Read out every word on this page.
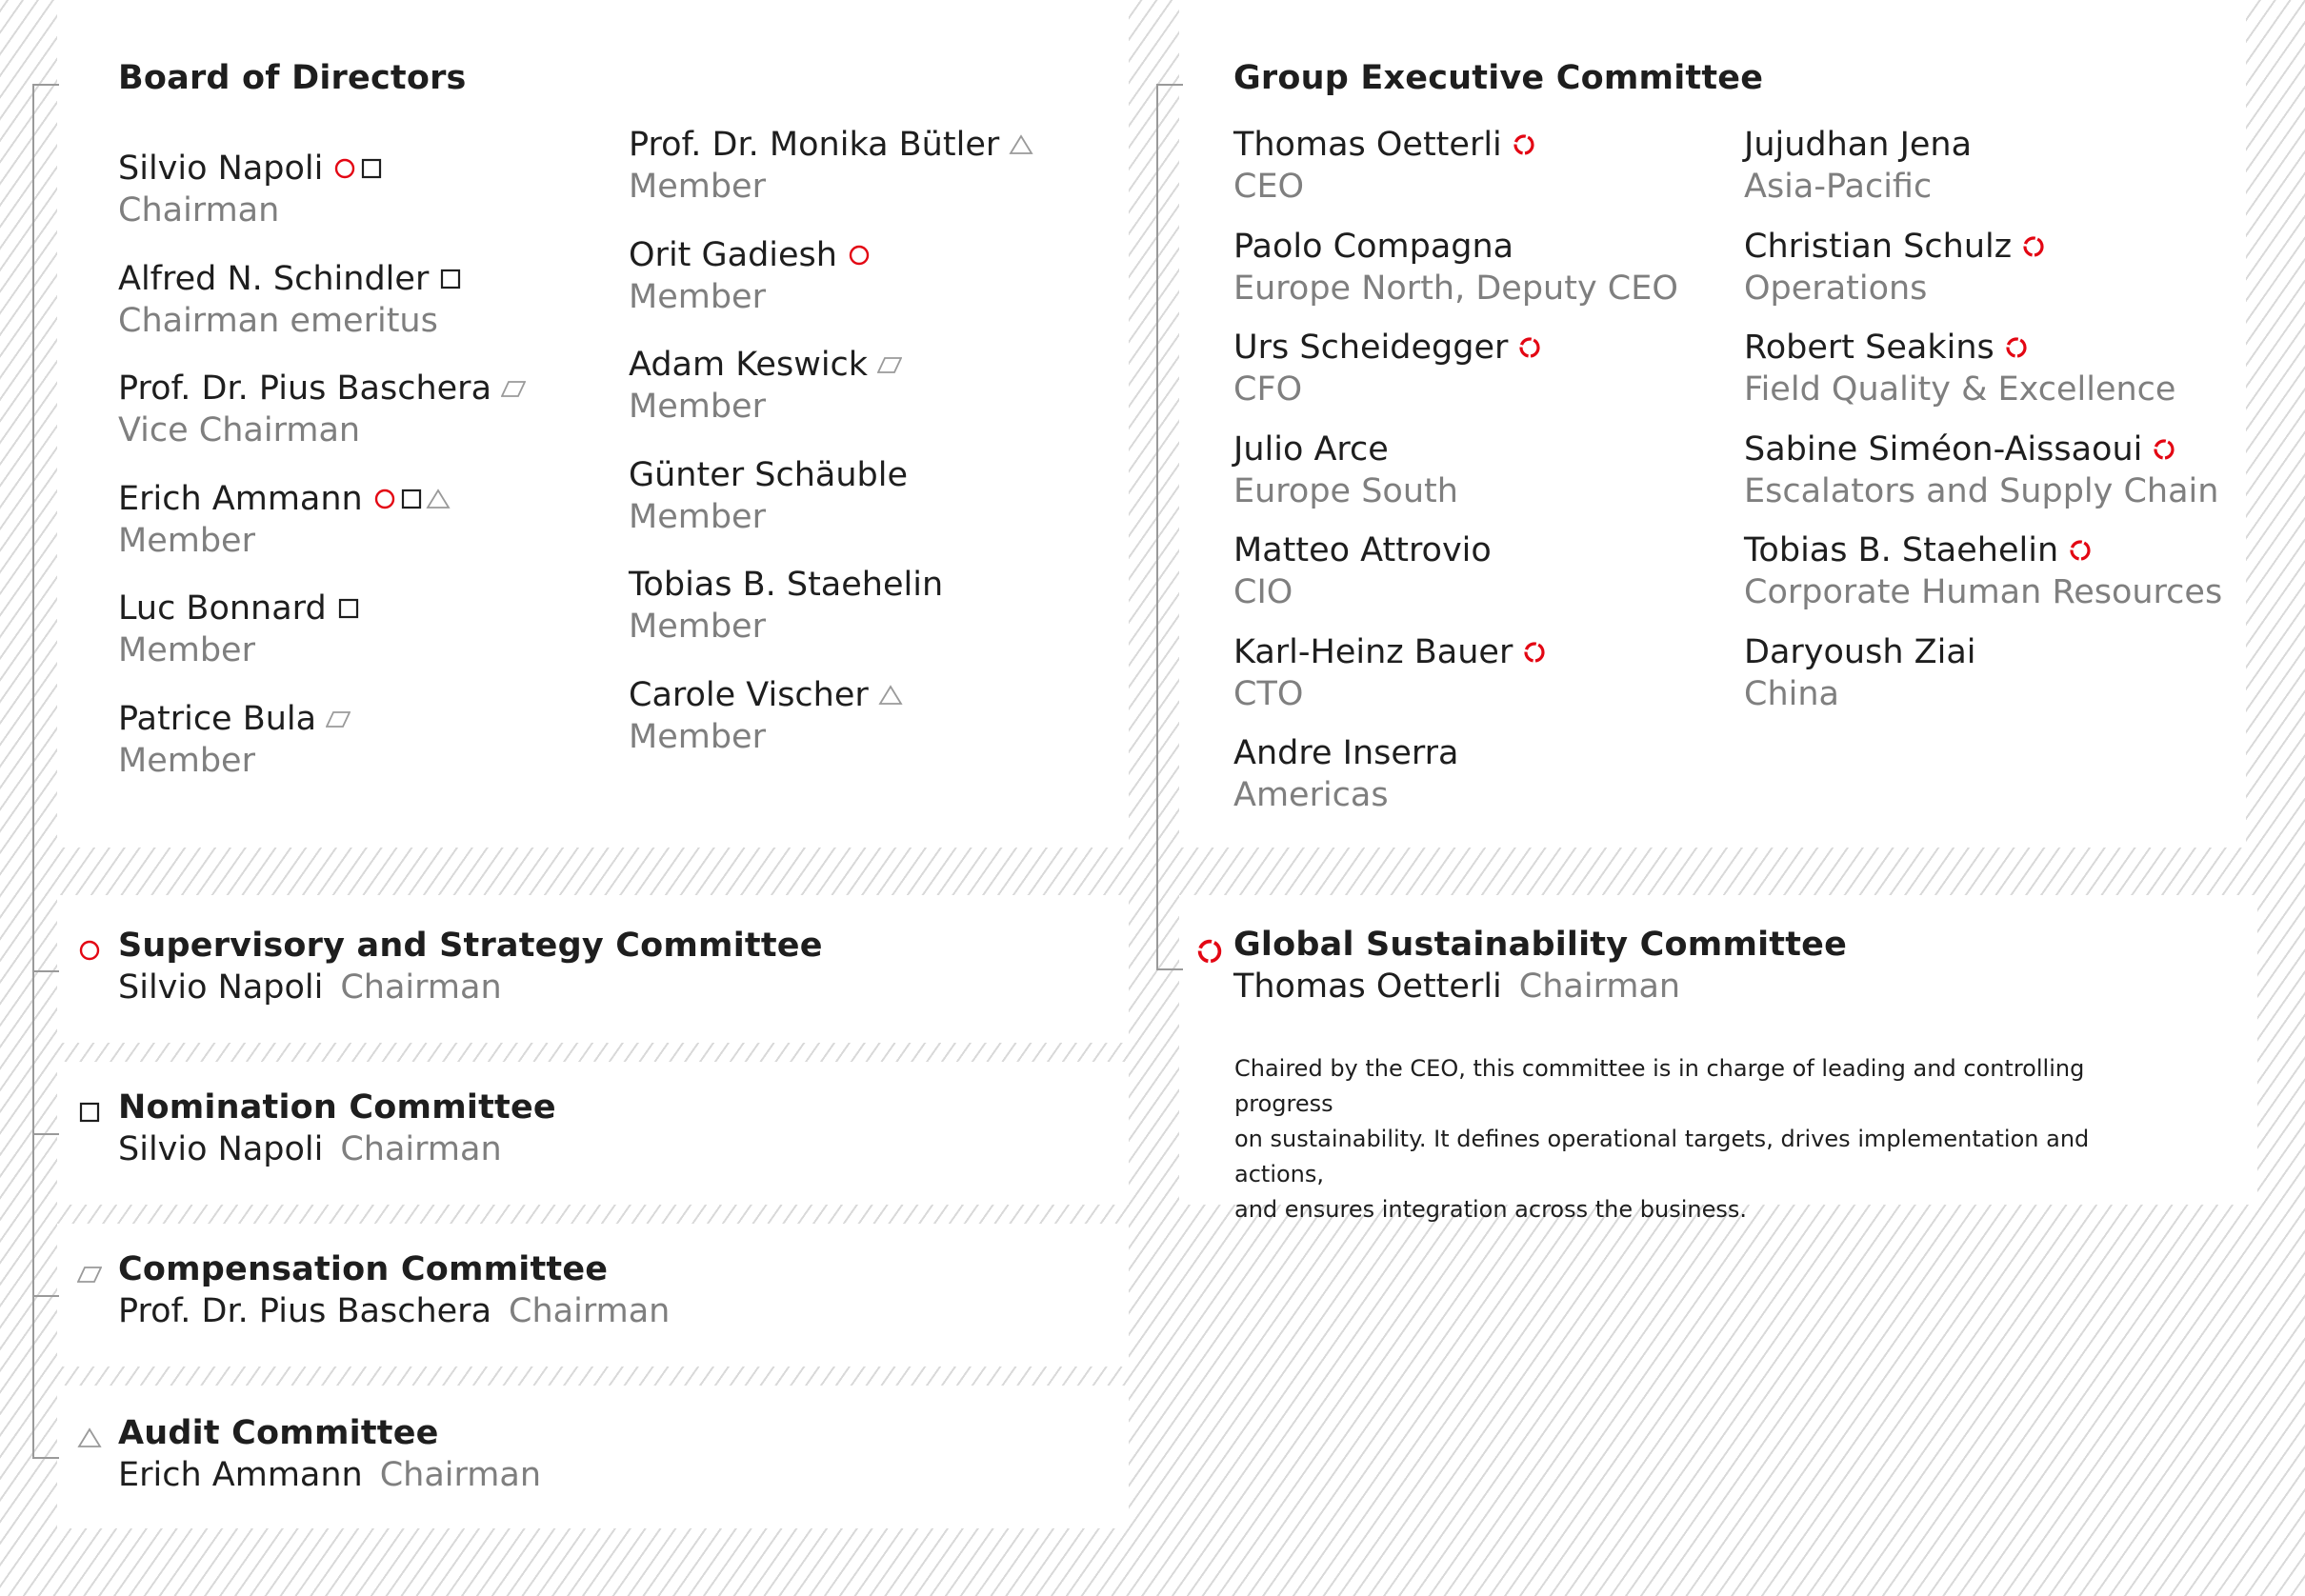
Board of Directors
Silvio Napoli
Chairman
Alfred N. Schindler
Chairman emeritus
Prof. Dr. Pius Baschera
Vice Chairman
Erich Ammann
Member
Luc Bonnard
Member
Patrice Bula
Member
Prof. Dr. Monika Bütler
Member
Orit Gadiesh
Member
Adam Keswick
Member
Günter Schäuble
Member
Tobias B. Staehelin
Member
Carole Vischer
Member
Supervisory and Strategy Committee
Silvio Napoli Chairman
Nomination Committee
Silvio Napoli Chairman
Compensation Committee
Prof. Dr. Pius Baschera Chairman
Audit Committee
Erich Ammann Chairman
Group Executive Committee
Thomas Oetterli
CEO
Paolo Compagna
Europe North, Deputy CEO
Urs Scheidegger
CFO
Julio Arce
Europe South
Matteo Attrovio
CIO
Karl-Heinz Bauer
CTO
Andre Inserra
Americas
Jujudhan Jena
Asia-Pacific
Christian Schulz
Operations
Robert Seakins
Field Quality & Excellence
Sabine Siméon-Aissaoui
Escalators and Supply Chain
Tobias B. Staehelin
Corporate Human Resources
Daryoush Ziai
China
Global Sustainability Committee
Thomas Oetterli Chairman
Chaired by the CEO, this committee is in charge of leading and controlling progress
on sustainability. It defines operational targets, drives implementation and actions,
and ensures integration across the business.
